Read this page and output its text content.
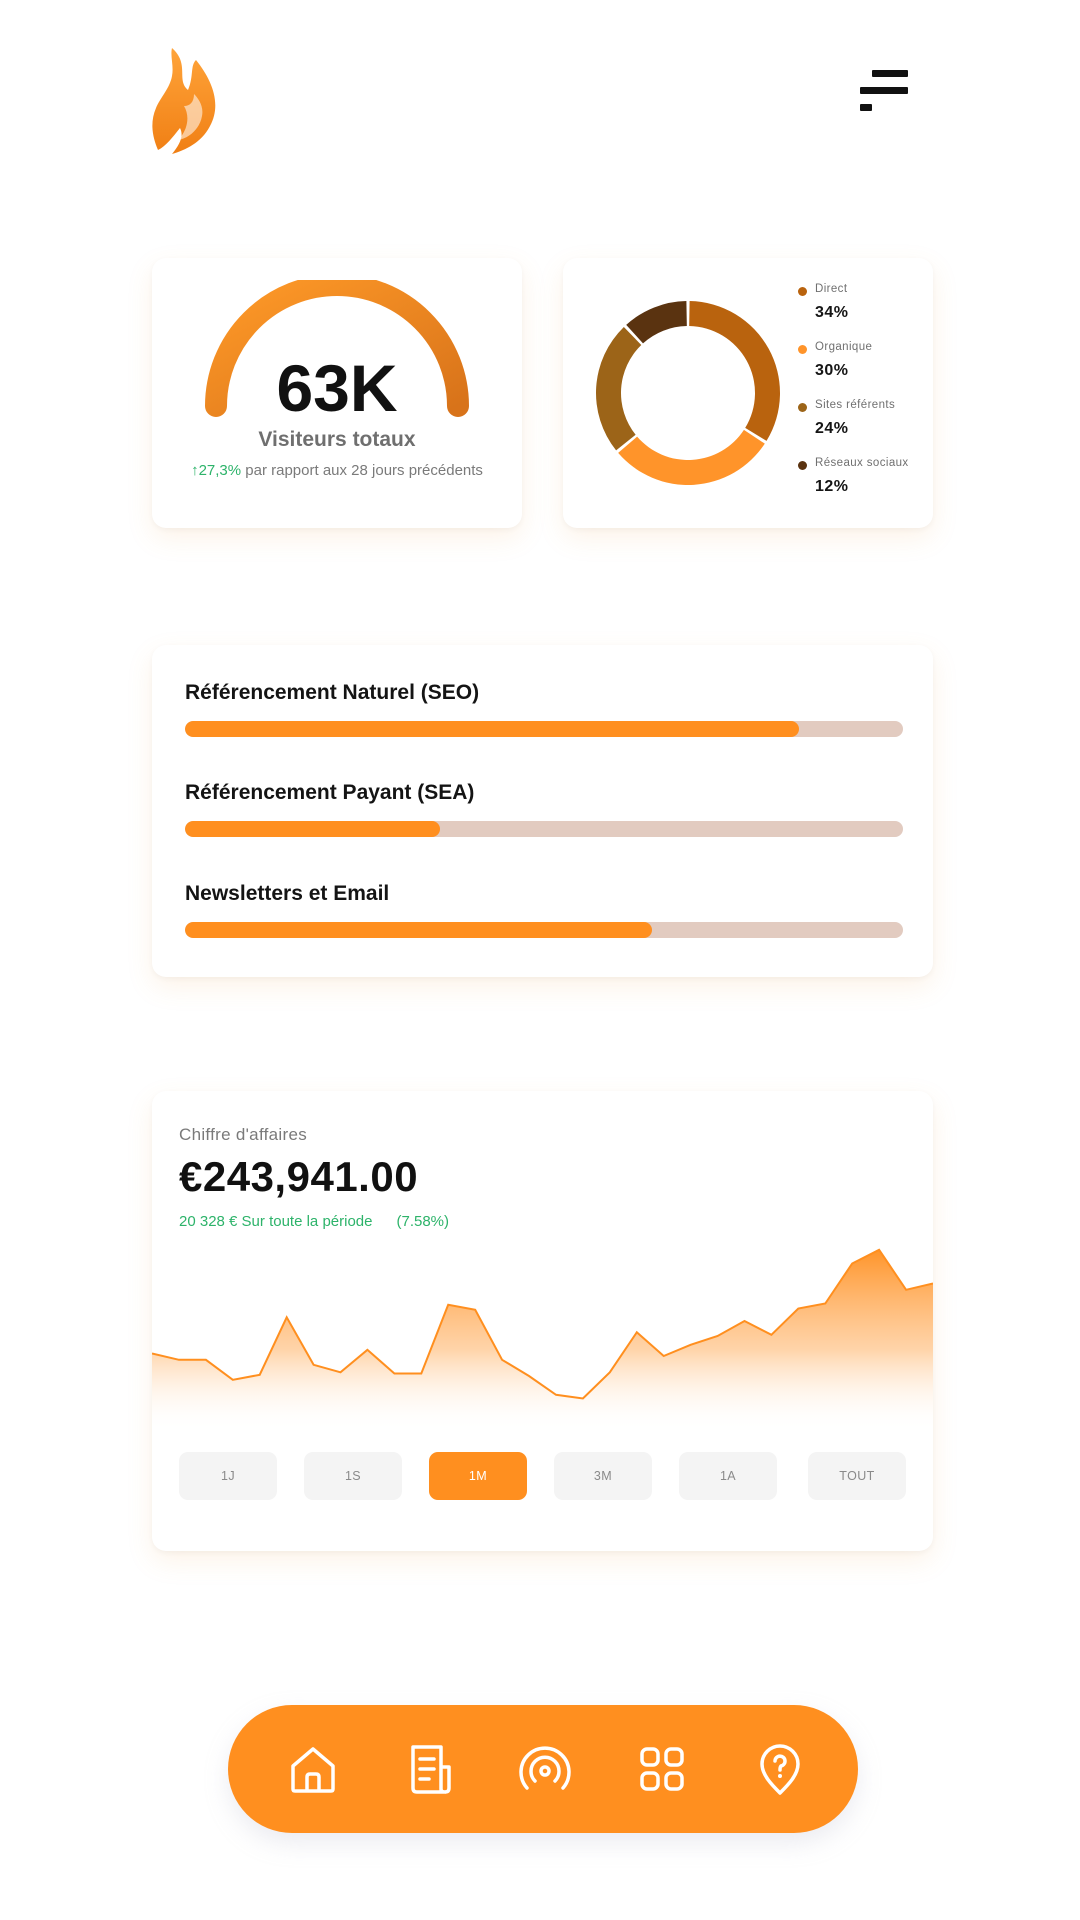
63K
Visiteurs totaux
↑27,3% par rapport aux 28 jours précédents
Direct
34%
Organique
30%
Sites référents
24%
Réseaux sociaux
12%
Référencement Naturel (SEO)
Référencement Payant (SEA)
Newsletters et Email
Chiffre d'affaires
€243,941.00
20 328 € Sur toute la période (7.58%)
1J	1S	1M	3M	1A	TOUT
